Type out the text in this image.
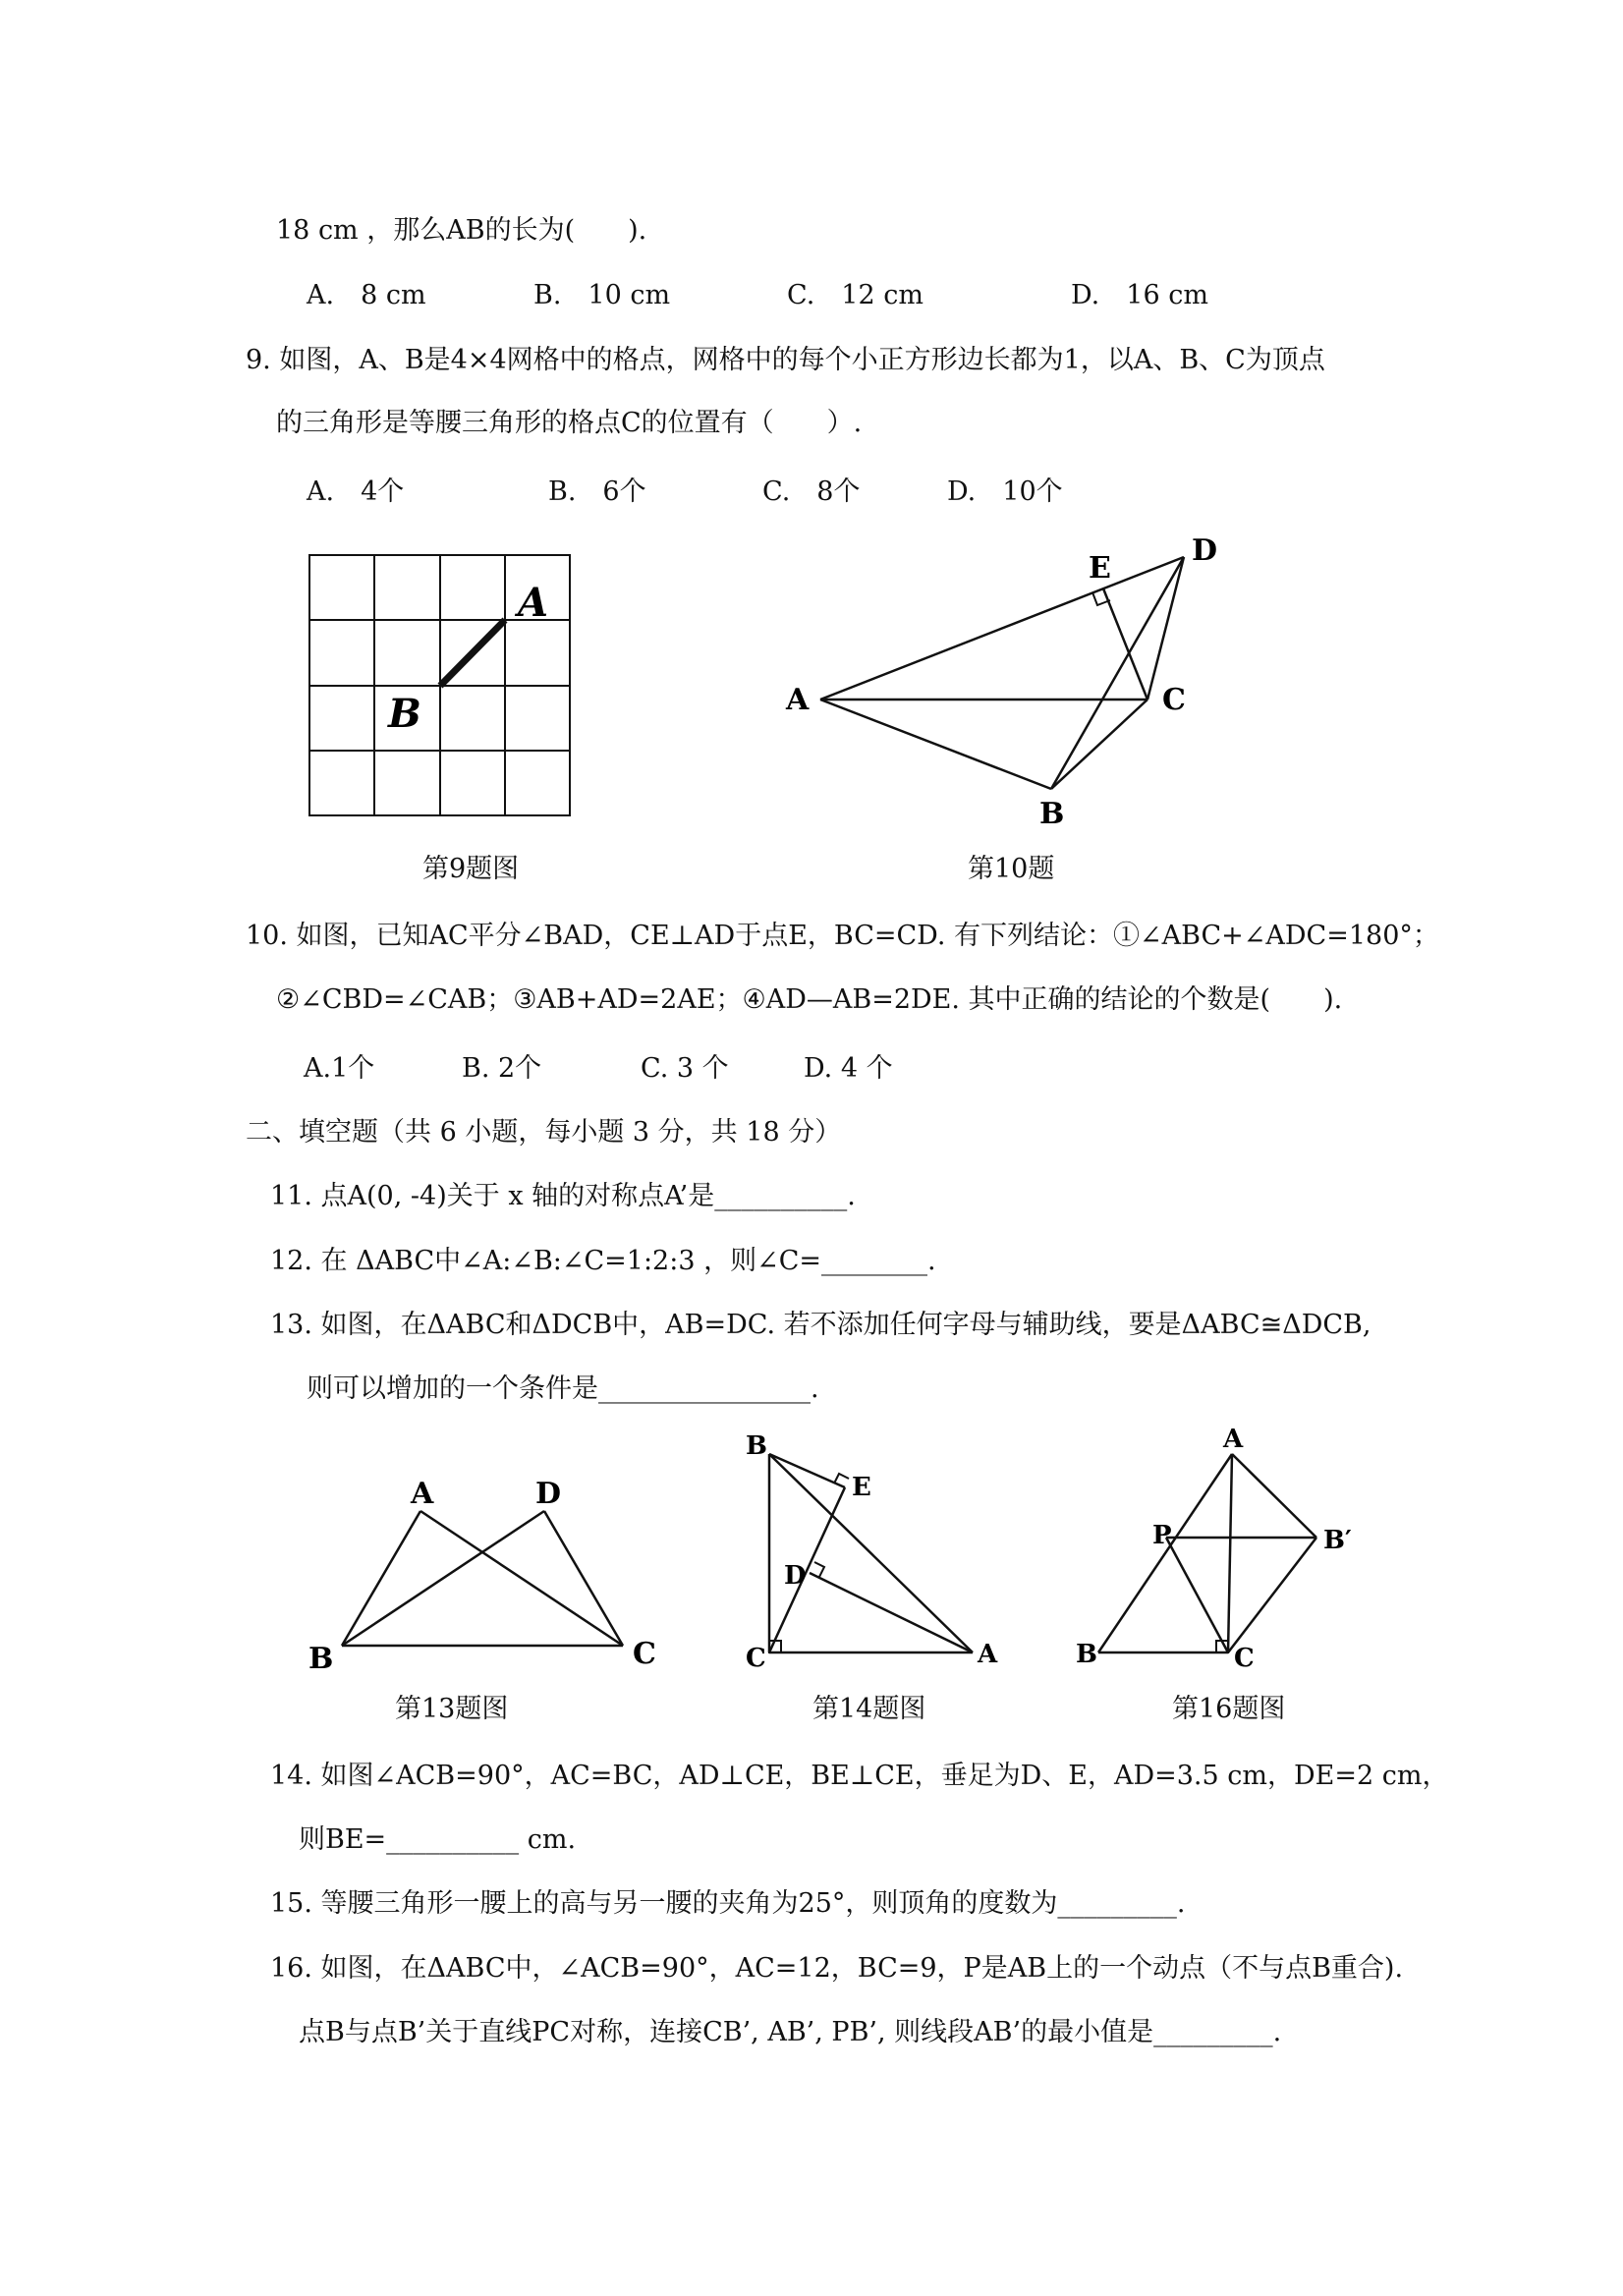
18 cm ，那么AB的长为(　　).
A.　8 cm	B.　10 cm	C.　12 cm	D.　16 cm
9. 如图，A、B是4×4网格中的格点，网格中的每个小正方形边长都为1，以A、B、C为顶点
的三角形是等腰三角形的格点C的位置有（　　）.
A.　4个	B.　6个	C.　8个	D.　10个
A
B
第9题图
A
B
C
D
E
第10题
10. 如图，已知AC平分∠BAD，CE⊥AD于点E，BC=CD. 有下列结论：①∠ABC+∠ADC=180°；
②∠CBD=∠CAB；③AB+AD=2AE；④AD—AB=2DE. 其中正确的结论的个数是(　　).
A.1个	B. 2个	C. 3 个	D. 4 个
二、填空题（共 6 小题，每小题 3 分，共 18 分）
11. 点A(0, -4)关于 x 轴的对称点A’是__________.
12. 在 ΔABC中∠A:∠B:∠C=1:2:3 ，则∠C=________.
13. 如图，在ΔABC和ΔDCB中，AB=DC. 若不添加任何字母与辅助线，要是ΔABC≅ΔDCB,
则可以增加的一个条件是________________.
A	D
B	C
第13题图
B
E
D
C	A
第14题图
A
P	B′
B	C
第16题图
14. 如图∠ACB=90°，AC=BC，AD⊥CE，BE⊥CE，垂足为D、E，AD=3.5 cm，DE=2 cm，
则BE=__________ cm.
15. 等腰三角形一腰上的高与另一腰的夹角为25°，则顶角的度数为_________.
16. 如图，在ΔABC中，∠ACB=90°，AC=12，BC=9，P是AB上的一个动点（不与点B重合).
点B与点B’关于直线PC对称，连接CB’, AB’, PB’, 则线段AB’的最小值是_________.
